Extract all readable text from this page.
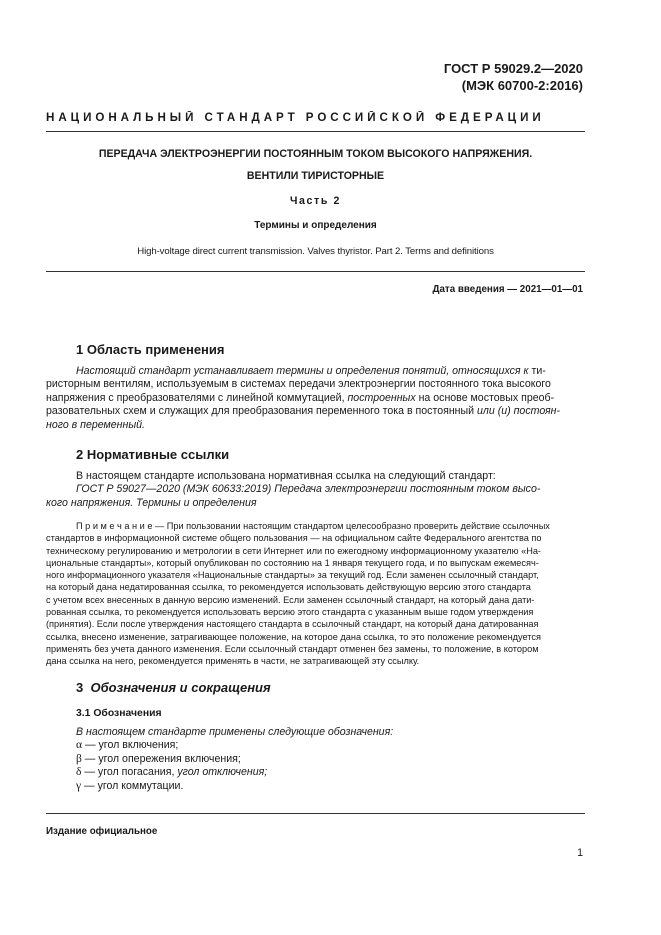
ГОСТ Р 59029.2—2020
(МЭК 60700-2:2016)
НАЦИОНАЛЬНЫЙ СТАНДАРТ РОССИЙСКОЙ ФЕДЕРАЦИИ
ПЕРЕДАЧА ЭЛЕКТРОЭНЕРГИИ ПОСТОЯННЫМ ТОКОМ ВЫСОКОГО НАПРЯЖЕНИЯ.
ВЕНТИЛИ ТИРИСТОРНЫЕ
Часть 2
Термины и определения
High-voltage direct current transmission. Valves thyristor. Part 2. Terms and definitions
Дата введения — 2021—01—01
1 Область применения
Настоящий стандарт устанавливает термины и определения понятий, относящихся к ти-
ристорным вентилям, используемым в системах передачи электроэнергии постоянного тока высокого
напряжения с преобразователями с линейной коммутацией, построенных на основе мостовых преоб-
разовательных схем и служащих для преобразования переменного тока в постоянный или (и) постоян-
ного в переменный.
2 Нормативные ссылки
В настоящем стандарте использована нормативная ссылка на следующий стандарт:
ГОСТ Р 59027—2020 (МЭК 60633:2019) Передача электроэнергии постоянным током высо-
кого напряжения. Термины и определения
П р и м е ч а н и е — При пользовании настоящим стандартом целесообразно проверить действие ссылочных
стандартов в информационной системе общего пользования — на официальном сайте Федерального агентства по
техническому регулированию и метрологии в сети Интернет или по ежегодному информационному указателю «На-
циональные стандарты», который опубликован по состоянию на 1 января текущего года, и по выпускам ежемесяч-
ного информационного указателя «Национальные стандарты» за текущий год. Если заменен ссылочный стандарт,
на который дана недатированная ссылка, то рекомендуется использовать действующую версию этого стандарта
с учетом всех внесенных в данную версию изменений. Если заменен ссылочный стандарт, на который дана дати-
рованная ссылка, то рекомендуется использовать версию этого стандарта с указанным выше годом утверждения
(принятия). Если после утверждения настоящего стандарта в ссылочный стандарт, на который дана датированная
ссылка, внесено изменение, затрагивающее положение, на которое дана ссылка, то это положение рекомендуется
применять без учета данного изменения. Если ссылочный стандарт отменен без замены, то положение, в котором
дана ссылка на него, рекомендуется применять в части, не затрагивающей эту ссылку.
3 Обозначения и сокращения
3.1 Обозначения
В настоящем стандарте применены следующие обозначения:
α — угол включения;
β — угол опережения включения;
δ — угол погасания, угол отключения;
γ — угол коммутации.
Издание официальное
1
